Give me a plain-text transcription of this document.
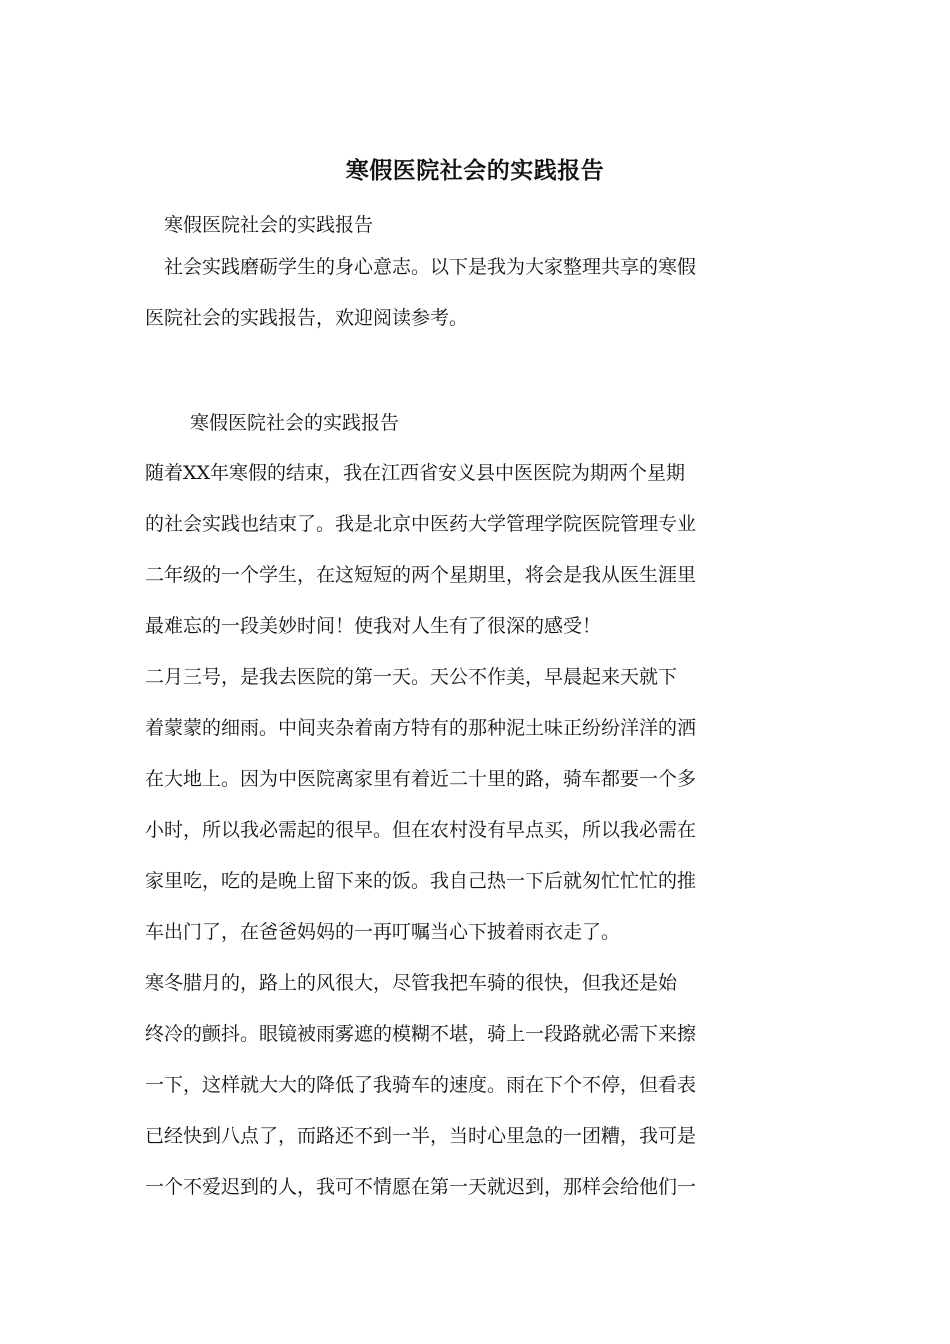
寒假医院社会的实践报告
寒假医院社会的实践报告
　社会实践磨砺学生的身心意志。以下是我为大家整理共享的寒假
医院社会的实践报告，欢迎阅读参考。
寒假医院社会的实践报告
随着XX年寒假的结束，我在江西省安义县中医医院为期两个星期
的社会实践也结束了。我是北京中医药大学管理学院医院管理专业
二年级的一个学生，在这短短的两个星期里，将会是我从医生涯里
最难忘的一段美妙时间！使我对人生有了很深的感受！
二月三号，是我去医院的第一天。天公不作美，早晨起来天就下
着蒙蒙的细雨。中间夹杂着南方特有的那种泥土味正纷纷洋洋的洒
在大地上。因为中医院离家里有着近二十里的路，骑车都要一个多
小时，所以我必需起的很早。但在农村没有早点买，所以我必需在
家里吃，吃的是晚上留下来的饭。我自己热一下后就匆忙忙忙的推
车出门了，在爸爸妈妈的一再叮嘱当心下披着雨衣走了。
寒冬腊月的，路上的风很大，尽管我把车骑的很快，但我还是始
终冷的颤抖。眼镜被雨雾遮的模糊不堪，骑上一段路就必需下来擦
一下，这样就大大的降低了我骑车的速度。雨在下个不停，但看表
已经快到八点了，而路还不到一半，当时心里急的一团糟，我可是
一个不爱迟到的人，我可不情愿在第一天就迟到，那样会给他们一
